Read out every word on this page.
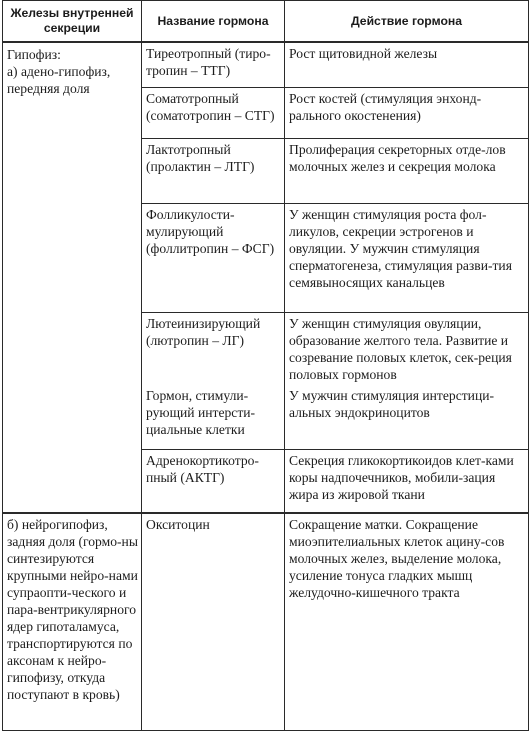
Железы внутренней секреции	Название гормона	Действие гормона

Гипофиз:
а) адено-гипофиз, передняя доля	Тиреотропный (тиро-тропин – ТТГ)	Рост щитовидной железы
	Соматотропный (соматотропин – СТГ)	Рост костей (стимуляция энхонд-рального окостенения)
	Лактотропный (пролактин – ЛТГ)	Пролиферация секреторных отде-лов молочных желез и секреция молока
	Фолликулости-мулирующий (фоллитропин – ФСГ)	У женщин стимуляция роста фол-ликулов, секреции эстрогенов и овуляции. У мужчин стимуляция сперматогенеза, стимуляция разви-тия семявыносящих канальцев
	Лютеинизирующий (лютропин – ЛГ)	У женщин стимуляция овуляции, образование желтого тела. Развитие и созревание половых клеток, сек-реция половых гормонов
	Гормон, стимули-рующий интерсти-циальные клетки	У мужчин стимуляция интерстици-альных эндокриноцитов
	Адренокортикотро-пный (АКТГ)	Секреция гликокортикоидов клет-ками коры надпочечников, мобили-зация жира из жировой ткани
б) нейрогипофиз, задняя доля (гормо-ны синтезируются крупными нейро-нами супраопти-ческого и пара-вентрикулярного ядер гипоталамуса, транспортируются по аксонам к нейро-гипофизу, откуда поступают в кровь)	Окситоцин	Сокращение матки. Сокращение миоэпителиальных клеток ацину-сов молочных желез, выделение молока, усиление тонуса гладких мышц желудочно-кишечного тракта
